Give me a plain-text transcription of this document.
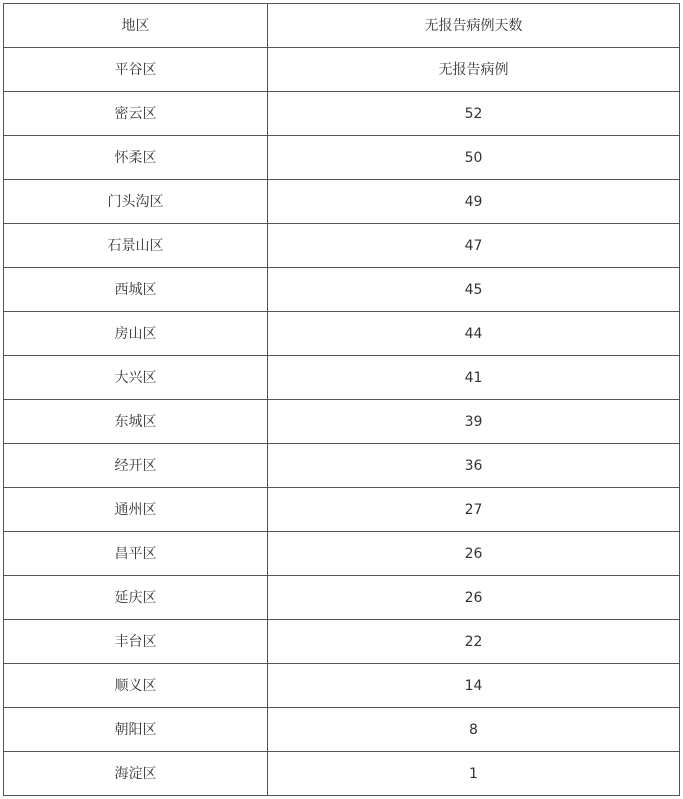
地区	无报告病例天数
平谷区	无报告病例
密云区	52
怀柔区	50
门头沟区	49
石景山区	47
西城区	45
房山区	44
大兴区	41
东城区	39
经开区	36
通州区	27
昌平区	26
延庆区	26
丰台区	22
顺义区	14
朝阳区	8
海淀区	1
